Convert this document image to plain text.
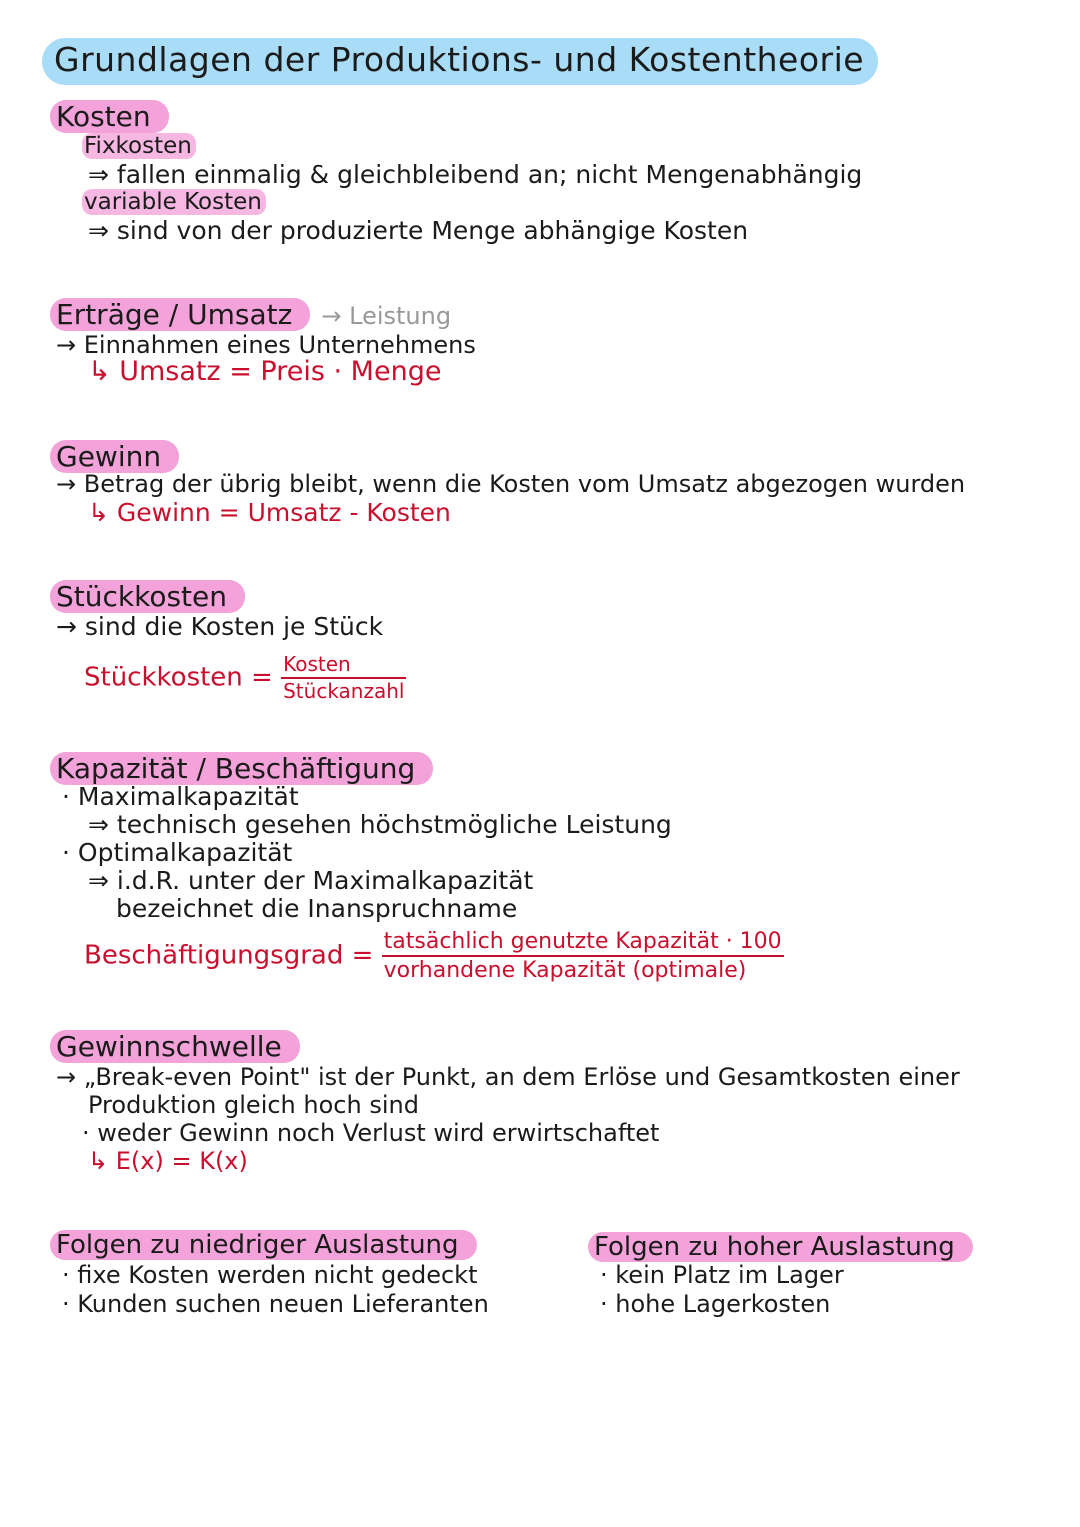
Grundlagen der Produktions- und Kostentheorie
Kosten
Fixkosten
⇒ fallen einmalig & gleichbleibend an; nicht Mengenabhängig
variable Kosten
⇒ sind von der produzierte Menge abhängige Kosten
Erträge / Umsatz → Leistung
→ Einnahmen eines Unternehmens
↳ Umsatz = Preis · Menge
Gewinn
→ Betrag der übrig bleibt, wenn die Kosten vom Umsatz abgezogen wurden
↳ Gewinn = Umsatz - Kosten
Stückkosten
→ sind die Kosten je Stück
Stückkosten = $\frac{\text{Kosten}}{\text{Stückanzahl}}$
Kapazität / Beschäftigung
· Maximalkapazität
⇒ technisch gesehen höchstmögliche Leistung
· Optimalkapazität
⇒ i.d.R. unter der Maximalkapazität
bezeichnet die Inanspruchname
Beschäftigungsgrad = $\frac{\text{tatsächlich genutzte Kapazität · 100}}{\text{vorhandene Kapazität (optimale)}}$
Gewinnschwelle
→ „Break-even Point" ist der Punkt, an dem Erlöse und Gesamtkosten einer
Produktion gleich hoch sind
· weder Gewinn noch Verlust wird erwirtschaftet
↳ E(x) = K(x)
Folgen zu niedriger Auslastung
· fixe Kosten werden nicht gedeckt
· Kunden suchen neuen Lieferanten
Folgen zu hoher Auslastung
· kein Platz im Lager
· hohe Lagerkosten
